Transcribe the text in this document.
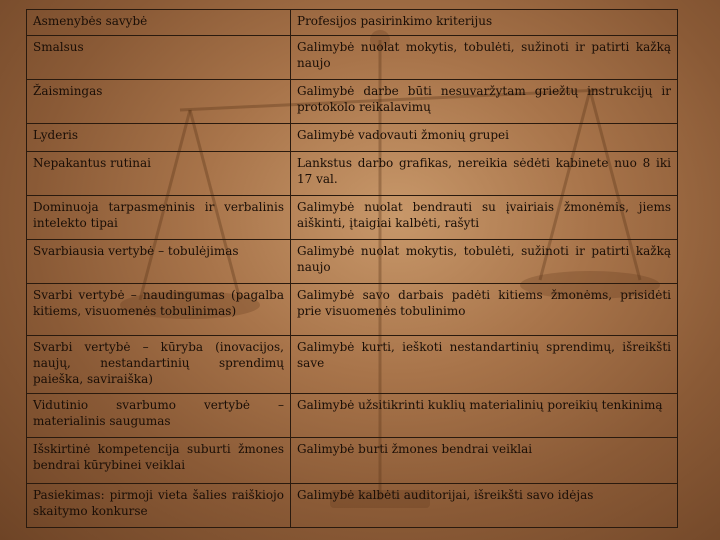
Asmenybės savybė	Profesijos pasirinkimo kriterijus
Smalsus	Galimybė nuolat mokytis, tobulėti, sužinoti ir patirti kažką naujo
Žaismingas	Galimybė darbe būti nesuvaržytam griežtų instrukcijų ir protokolo reikalavimų
Lyderis	Galimybė vadovauti žmonių grupei
Nepakantus rutinai	Lankstus darbo grafikas, nereikia sėdėti kabinete nuo 8 iki 17 val.
Dominuoja tarpasmeninis ir verbalinis intelekto tipai	Galimybė nuolat bendrauti su įvairiais žmonėmis, jiems aiškinti, įtaigiai kalbėti, rašyti
Svarbiausia vertybė – tobulėjimas	Galimybė nuolat mokytis, tobulėti, sužinoti ir patirti kažką naujo
Svarbi vertybė – naudingumas (pagalba kitiems, visuomenės tobulinimas)	Galimybė savo darbais padėti kitiems žmonėms, prisidėti prie visuomenės tobulinimo
Svarbi vertybė – kūryba (inovacijos, naujų, nestandartinių sprendimų paieška, saviraiška)	Galimybė kurti, ieškoti nestandartinių sprendimų, išreikšti save
Vidutinio svarbumo vertybė – materialinis saugumas	Galimybė užsitikrinti kuklių materialinių poreikių tenkinimą
Išskirtinė kompetencija suburti žmones bendrai kūrybinei veiklai	Galimybė burti žmones bendrai veiklai
Pasiekimas: pirmoji vieta šalies raiškiojo skaitymo konkurse	Galimybė kalbėti auditorijai, išreikšti savo idėjas
